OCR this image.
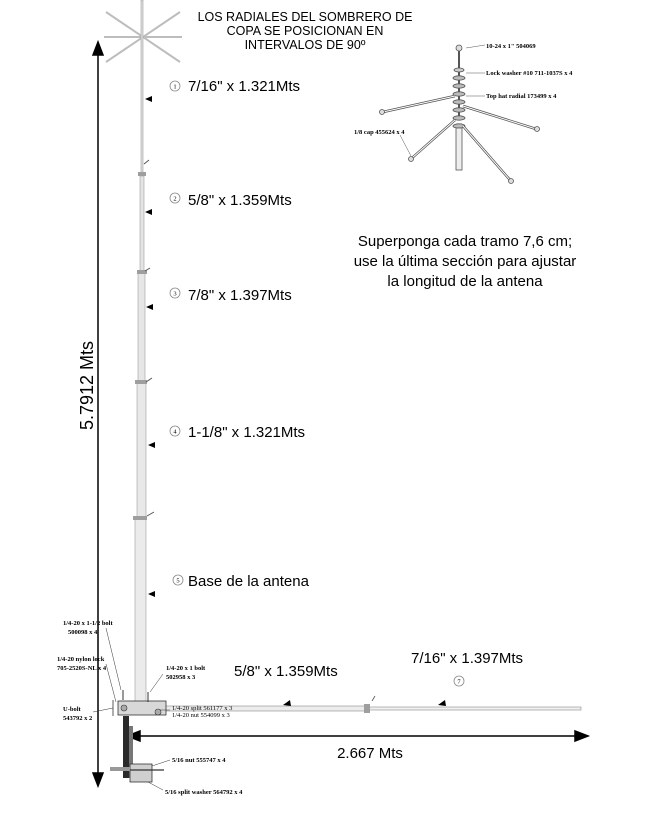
5.7912 Mts
LOS RADIALES DEL SOMBRERO DE
COPA SE POSICIONAN EN
INTERVALOS DE 90º
1 7/16" x 1.321Mts
2 5/8" x 1.359Mts
3 7/8" x 1.397Mts
4 1-1/8" x 1.321Mts
5 Base de la antena
10-24 x 1" 504069
Lock washer #10 711-1037S x 4
Top hat radial 173499 x 4
1/8 cap 455624 x 4
Superponga cada tramo 7,6 cm;
use la última sección para ajustar
la longitud de la antena
7
5/8" x 1.359Mts
7/16" x 1.397Mts
2.667 Mts
1/4-20 x 1-1/2 bolt
500098 x 4
1/4-20 nylon lock
705-2520S-NL x 4
U-bolt
543792 x 2
1/4-20 x 1 bolt
502958 x 3
1/4-20 split 561177 x 3
1/4-20 nut 554099 x 3
5/16 nut 555747 x 4
5/16 split washer 564792 x 4
